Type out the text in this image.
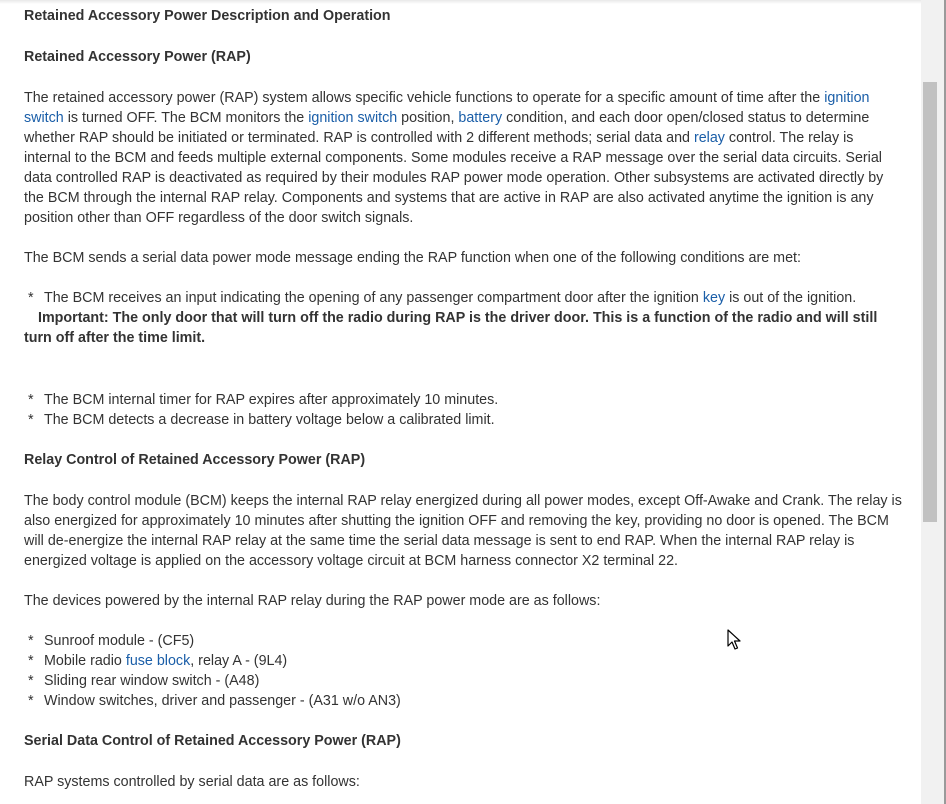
Retained Accessory Power Description and Operation
Retained Accessory Power (RAP)
The retained accessory power (RAP) system allows specific vehicle functions to operate for a specific amount of time after the ignition switch is turned OFF. The BCM monitors the ignition switch position, battery condition, and each door open/closed status to determine whether RAP should be initiated or terminated. RAP is controlled with 2 different methods; serial data and relay control. The relay is internal to the BCM and feeds multiple external components. Some modules receive a RAP message over the serial data circuits. Serial data controlled RAP is deactivated as required by their modules RAP power mode operation. Other subsystems are activated directly by the BCM through the internal RAP relay. Components and systems that are active in RAP are also activated anytime the ignition is any position other than OFF regardless of the door switch signals.
The BCM sends a serial data power mode message ending the RAP function when one of the following conditions are met:
* The BCM receives an input indicating the opening of any passenger compartment door after the ignition key is out of the ignition.
Important: The only door that will turn off the radio during RAP is the driver door. This is a function of the radio and will still turn off after the time limit.
* The BCM internal timer for RAP expires after approximately 10 minutes.
* The BCM detects a decrease in battery voltage below a calibrated limit.
Relay Control of Retained Accessory Power (RAP)
The body control module (BCM) keeps the internal RAP relay energized during all power modes, except Off-Awake and Crank. The relay is also energized for approximately 10 minutes after shutting the ignition OFF and removing the key, providing no door is opened. The BCM will de-energize the internal RAP relay at the same time the serial data message is sent to end RAP. When the internal RAP relay is energized voltage is applied on the accessory voltage circuit at BCM harness connector X2 terminal 22.
The devices powered by the internal RAP relay during the RAP power mode are as follows:
* Sunroof module - (CF5)
* Mobile radio fuse block, relay A - (9L4)
* Sliding rear window switch - (A48)
* Window switches, driver and passenger - (A31 w/o AN3)
Serial Data Control of Retained Accessory Power (RAP)
RAP systems controlled by serial data are as follows:
